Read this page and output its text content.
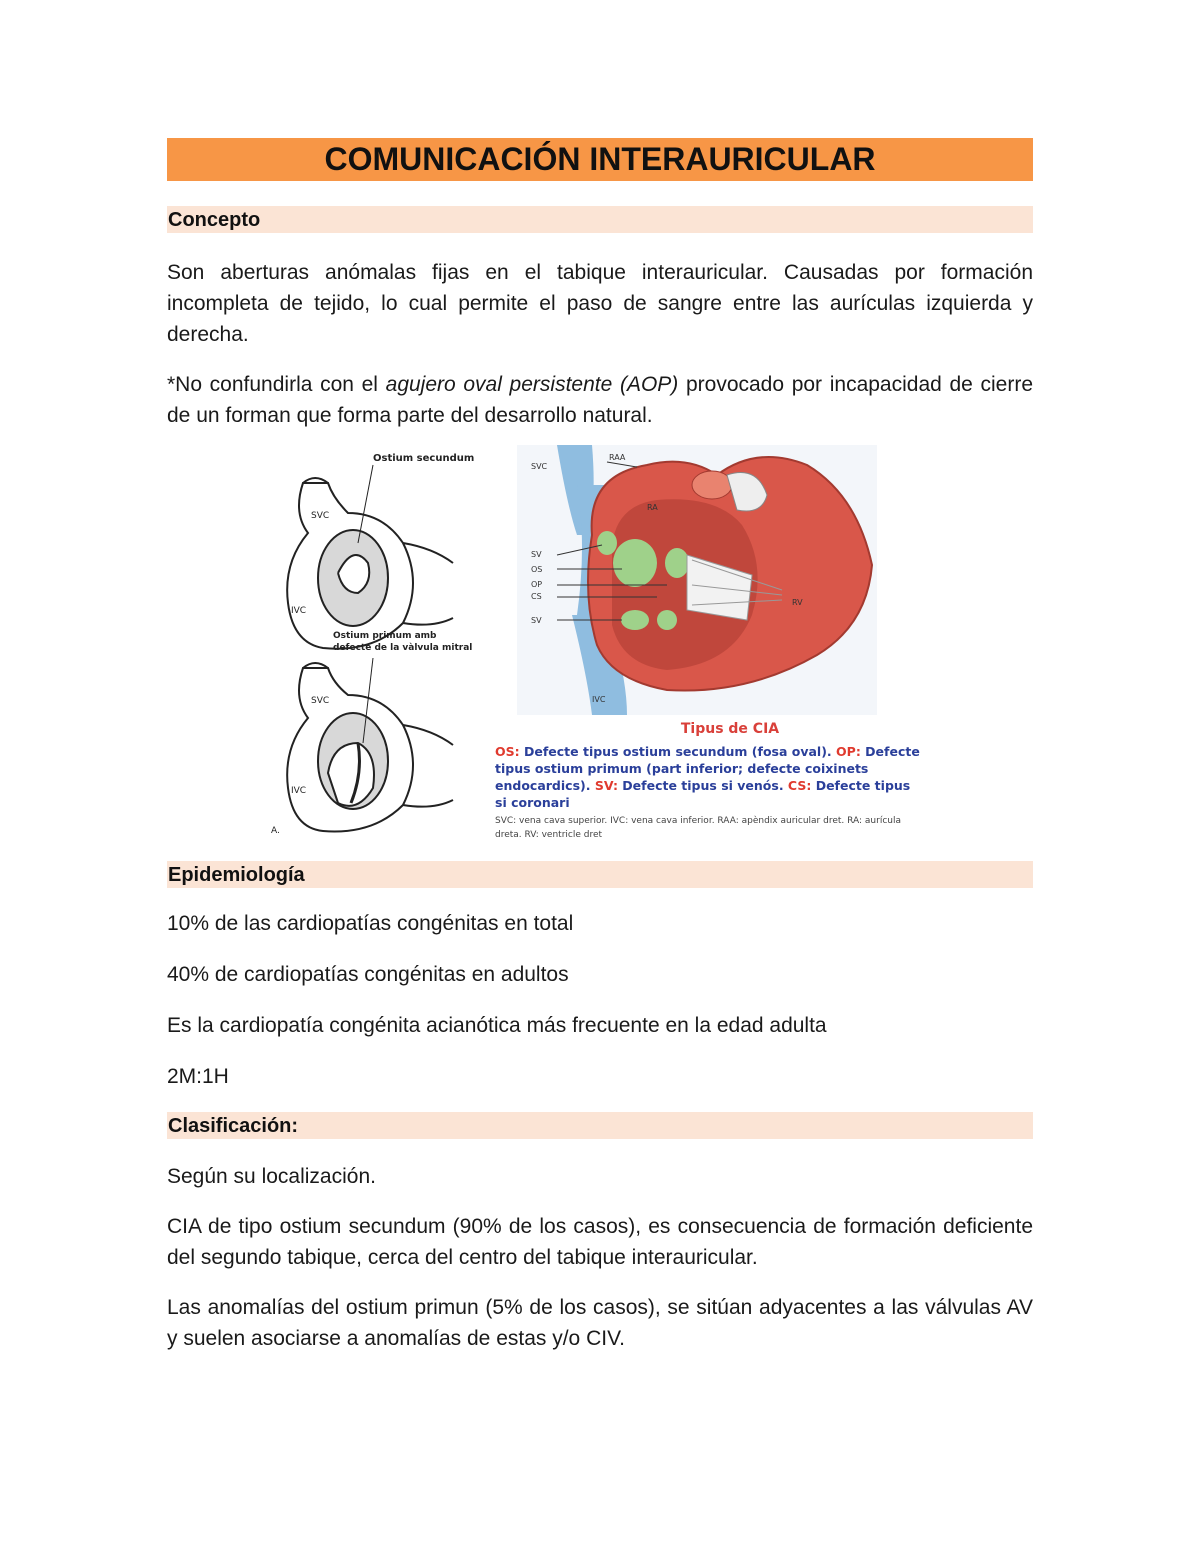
COMUNICACIÓN INTERAURICULAR
Concepto

Son aberturas anómalas fijas en el tabique interauricular. Causadas por formación incompleta de tejido, lo cual permite el paso de sangre entre las aurículas izquierda y derecha.

*No confundirla con el agujero oval persistente (AOP) provocado por incapacidad de cierre de un forman que forma parte del desarrollo natural.

Ostium secundum
Ostium primum amb
defecte de la vàlvula mitral
SVC
IVC
SVC
IVC
A.
SVC
RAA
RA
RV
IVC
SV
OS
OP
CS
SV
Tipus de CIA
OS: Defecte tipus ostium secundum (fosa oval). OP: Defecte tipus ostium primum (part inferior; defecte coixinets endocardics). SV: Defecte tipus si venós. CS: Defecte tipus si coronari
SVC: vena cava superior. IVC: vena cava inferior. RAA: apèndix auricular dret. RA: aurícula dreta. RV: ventricle dret
Epidemiología

10% de las cardiopatías congénitas en total

40% de cardiopatías congénitas en adultos

Es la cardiopatía congénita acianótica más frecuente en la edad adulta

2M:1H

Clasificación:

Según su localización.

CIA de tipo ostium secundum (90% de los casos), es consecuencia de formación deficiente del segundo tabique, cerca del centro del tabique interauricular.

Las anomalías del ostium primun (5% de los casos), se sitúan adyacentes a las válvulas AV y suelen asociarse a anomalías de estas y/o CIV.
